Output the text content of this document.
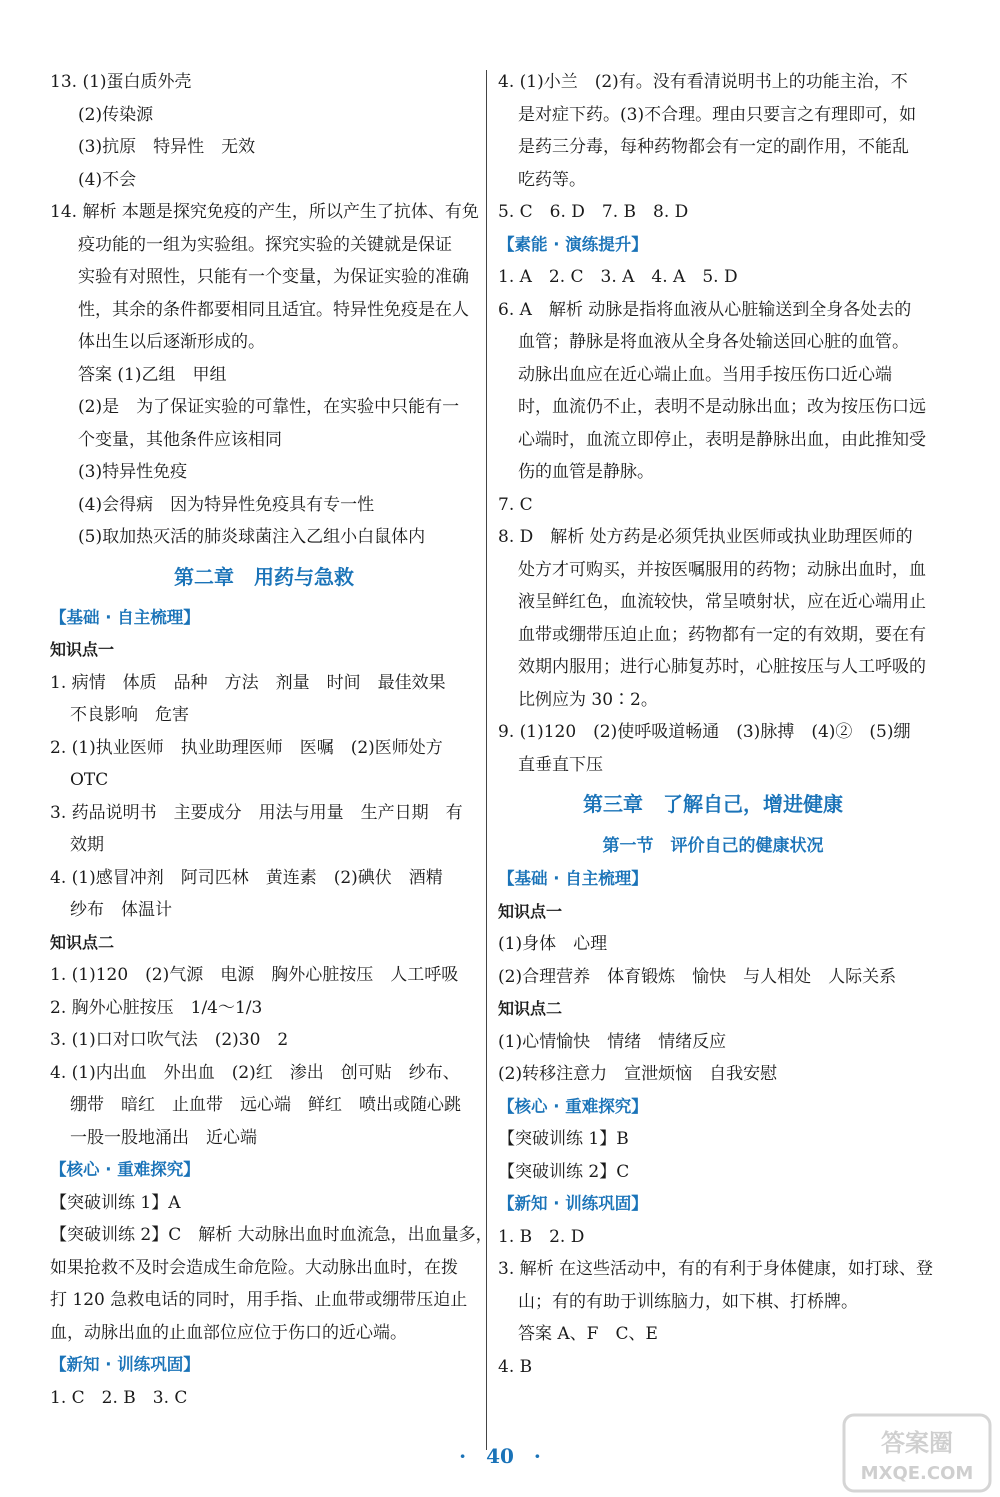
13. (1)蛋白质外壳
(2)传染源
(3)抗原　特异性　无效
(4)不会
14. 解析 本题是探究免疫的产生，所以产生了抗体、有免
疫功能的一组为实验组。探究实验的关键就是保证
实验有对照性，只能有一个变量，为保证实验的准确
性，其余的条件都要相同且适宜。特异性免疫是在人
体出生以后逐渐形成的。
答案 (1)乙组　甲组
(2)是　为了保证实验的可靠性，在实验中只能有一
个变量，其他条件应该相同
(3)特异性免疫
(4)会得病　因为特异性免疫具有专一性
(5)取加热灭活的肺炎球菌注入乙组小白鼠体内
第二章　用药与急救
【基础 · 自主梳理】
知识点一
1. 病情　体质　品种　方法　剂量　时间　最佳效果
不良影响　危害
2. (1)执业医师　执业助理医师　医嘱　(2)医师处方
OTC
3. 药品说明书　主要成分　用法与用量　生产日期　有
效期
4. (1)感冒冲剂　阿司匹林　黄连素　(2)碘伏　酒精
纱布　体温计
知识点二
1. (1)120　(2)气源　电源　胸外心脏按压　人工呼吸
2. 胸外心脏按压　1/4～1/3
3. (1)口对口吹气法　(2)30　2
4. (1)内出血　外出血　(2)红　渗出　创可贴　纱布、
绷带　暗红　止血带　远心端　鲜红　喷出或随心跳
一股一股地涌出　近心端
【核心 · 重难探究】
【突破训练 1】A
【突破训练 2】C　解析 大动脉出血时血流急，出血量多，
如果抢救不及时会造成生命危险。大动脉出血时，在拨
打 120 急救电话的同时，用手指、止血带或绷带压迫止
血，动脉出血的止血部位应位于伤口的近心端。
【新知 · 训练巩固】
1. C　2. B　3. C
4. (1)小兰　(2)有。没有看清说明书上的功能主治，不
是对症下药。(3)不合理。理由只要言之有理即可，如
是药三分毒，每种药物都会有一定的副作用，不能乱
吃药等。
5. C　6. D　7. B　8. D
【素能 · 演练提升】
1. A　2. C　3. A　4. A　5. D
6. A　解析 动脉是指将血液从心脏输送到全身各处去的
血管；静脉是将血液从全身各处输送回心脏的血管。
动脉出血应在近心端止血。当用手按压伤口近心端
时，血流仍不止，表明不是动脉出血；改为按压伤口远
心端时，血流立即停止，表明是静脉出血，由此推知受
伤的血管是静脉。
7. C
8. D　解析 处方药是必须凭执业医师或执业助理医师的
处方才可购买，并按医嘱服用的药物；动脉出血时，血
液呈鲜红色，血流较快，常呈喷射状，应在近心端用止
血带或绷带压迫止血；药物都有一定的有效期，要在有
效期内服用；进行心肺复苏时，心脏按压与人工呼吸的
比例应为 30∶2。
9. (1)120　(2)使呼吸道畅通　(3)脉搏　(4)②　(5)绷
直垂直下压
第三章　了解自己，增进健康
第一节　评价自己的健康状况
【基础 · 自主梳理】
知识点一
(1)身体　心理
(2)合理营养　体育锻炼　愉快　与人相处　人际关系
知识点二
(1)心情愉快　情绪　情绪反应
(2)转移注意力　宣泄烦恼　自我安慰
【核心 · 重难探究】
【突破训练 1】B
【突破训练 2】C
【新知 · 训练巩固】
1. B　2. D
3. 解析 在这些活动中，有的有利于身体健康，如打球、登
山；有的有助于训练脑力，如下棋、打桥牌。
答案 A、F　C、E
4. B
·　40　·	答案圈
MXQE.COM
